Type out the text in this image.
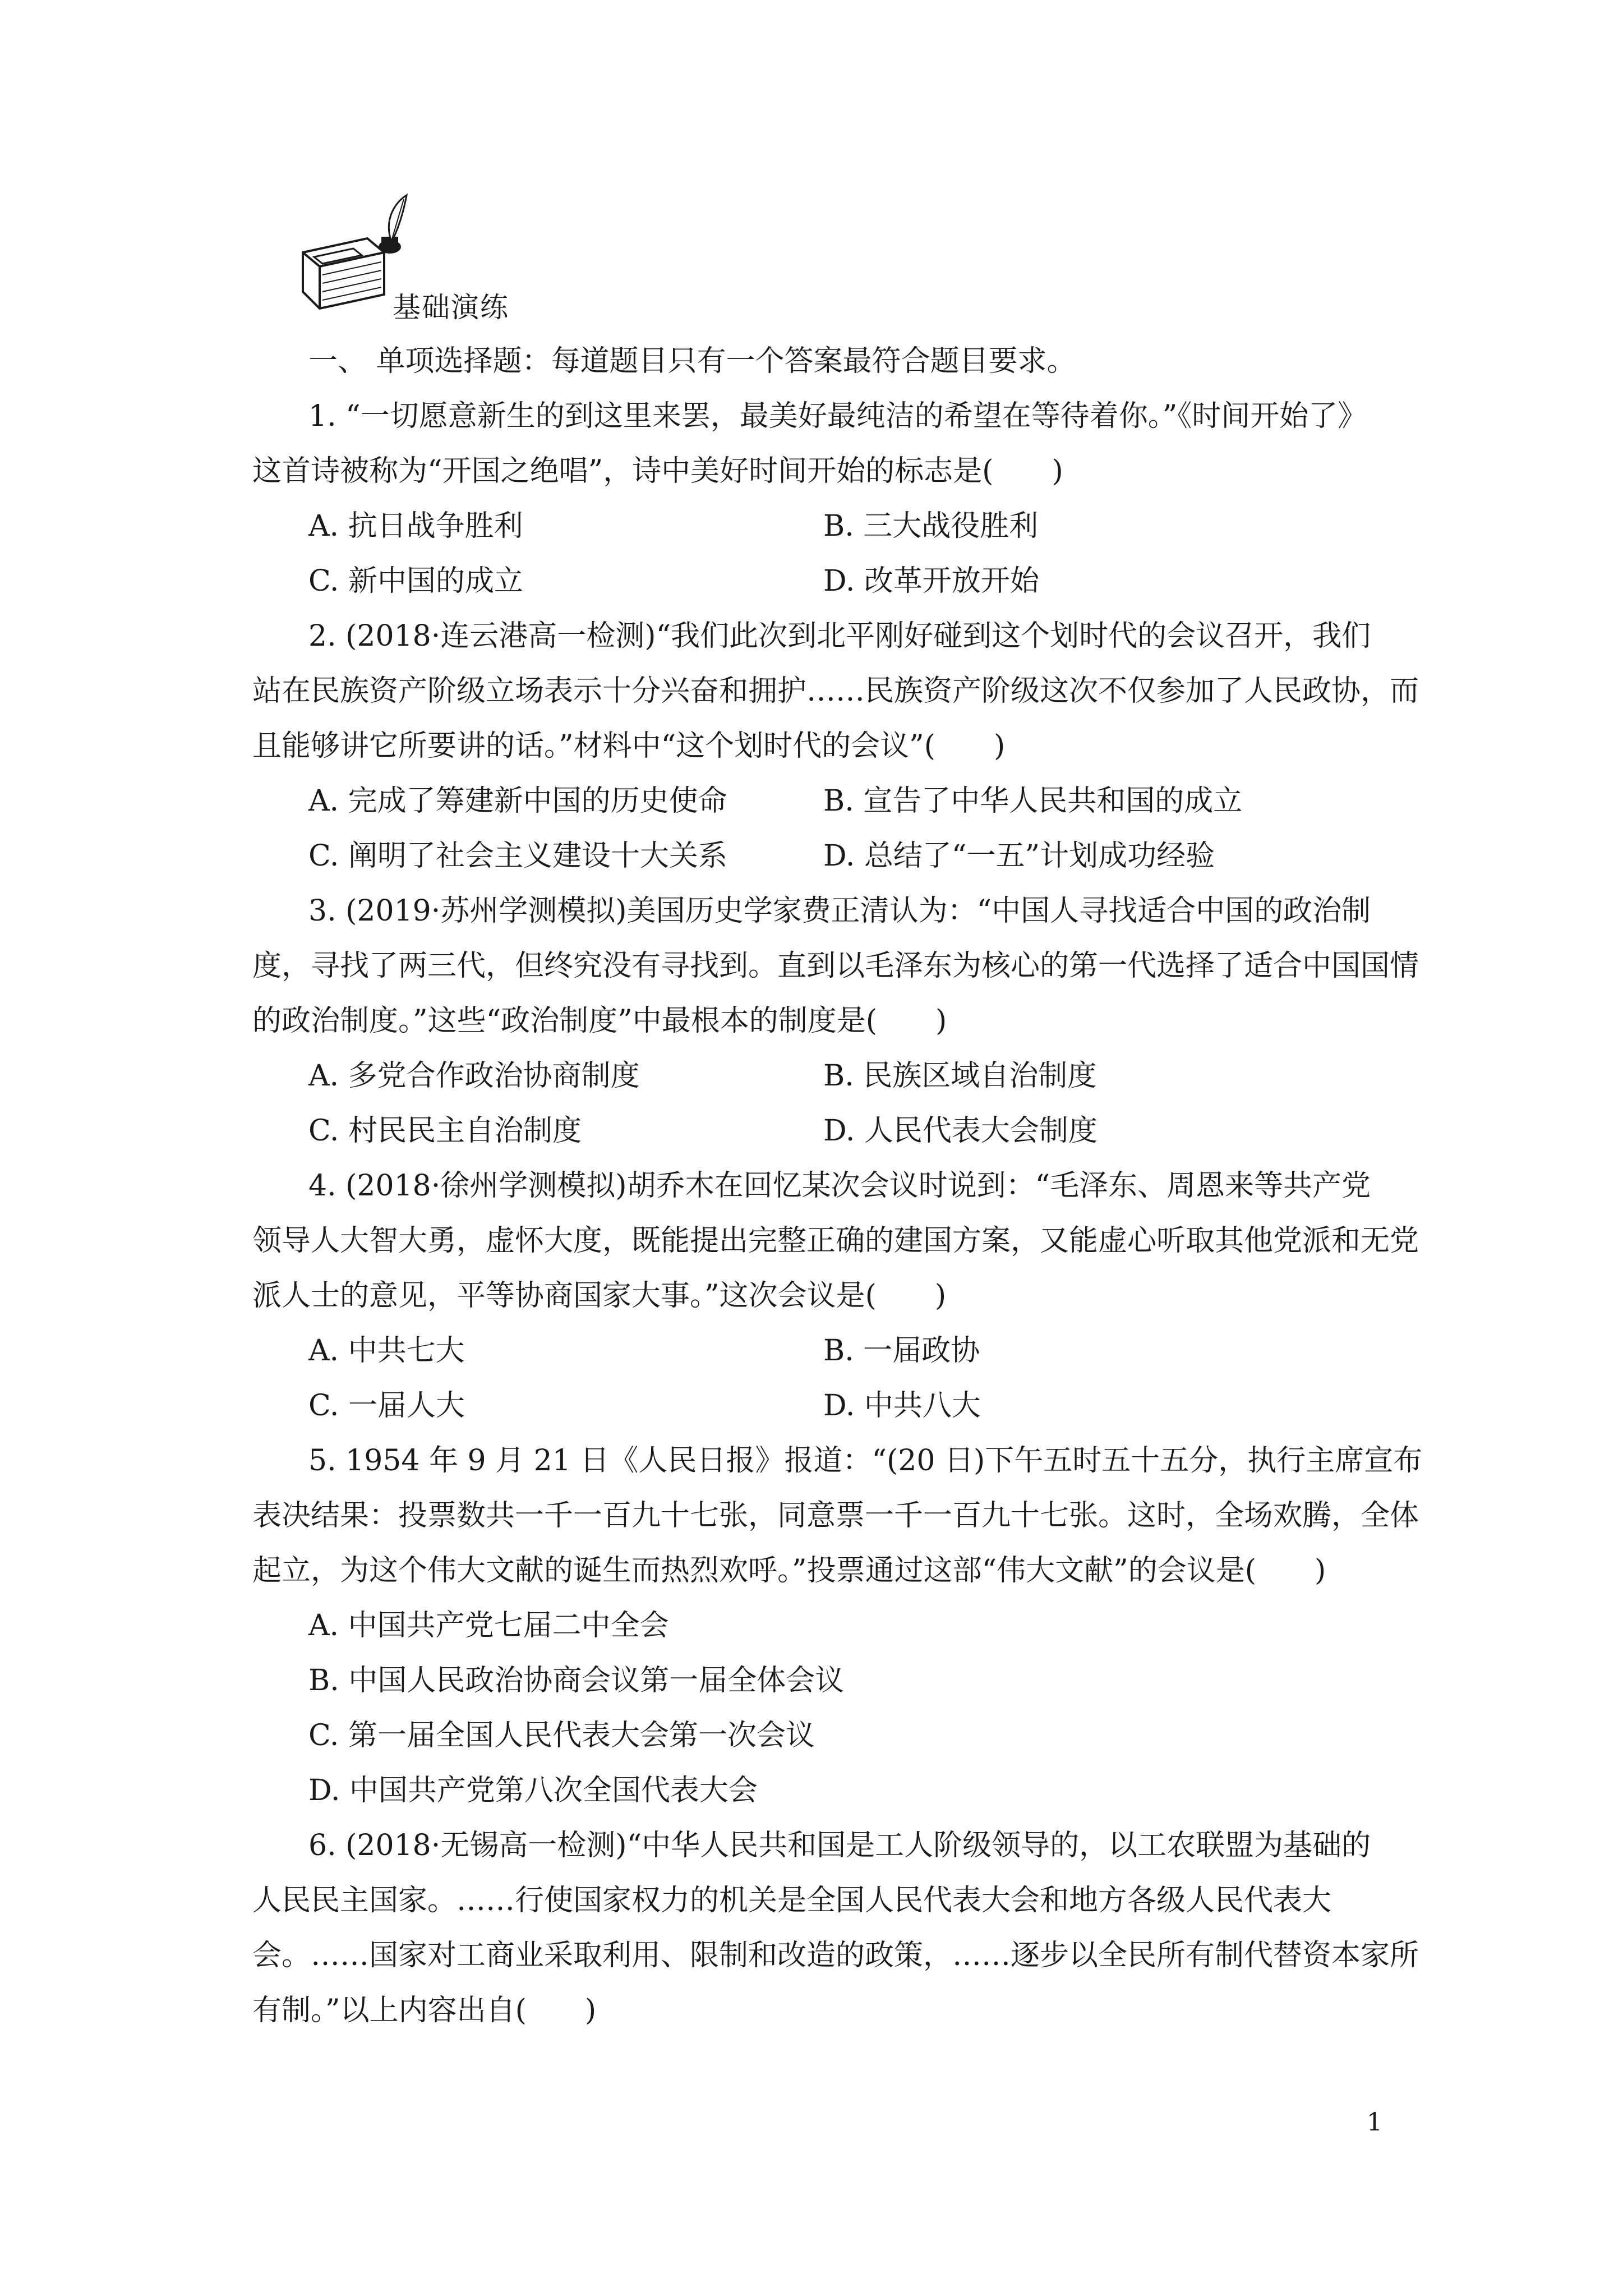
基础演练
一、 单项选择题：每道题目只有一个答案最符合题目要求。
1. “一切愿意新生的到这里来罢，最美好最纯洁的希望在等待着你。”《时间开始了》
这首诗被称为“开国之绝唱”，诗中美好时间开始的标志是(　　)
A. 抗日战争胜利	B. 三大战役胜利
C. 新中国的成立	D. 改革开放开始
2. (2018·连云港高一检测)“我们此次到北平刚好碰到这个划时代的会议召开，我们
站在民族资产阶级立场表示十分兴奋和拥护……民族资产阶级这次不仅参加了人民政协，而
且能够讲它所要讲的话。”材料中“这个划时代的会议”(　　)
A. 完成了筹建新中国的历史使命	B. 宣告了中华人民共和国的成立
C. 阐明了社会主义建设十大关系	D. 总结了“一五”计划成功经验
3. (2019·苏州学测模拟)美国历史学家费正清认为：“中国人寻找适合中国的政治制
度，寻找了两三代，但终究没有寻找到。直到以毛泽东为核心的第一代选择了适合中国国情
的政治制度。”这些“政治制度”中最根本的制度是(　　)
A. 多党合作政治协商制度	B. 民族区域自治制度
C. 村民民主自治制度	D. 人民代表大会制度
4. (2018·徐州学测模拟)胡乔木在回忆某次会议时说到：“毛泽东、周恩来等共产党
领导人大智大勇，虚怀大度，既能提出完整正确的建国方案，又能虚心听取其他党派和无党
派人士的意见，平等协商国家大事。”这次会议是(　　)
A. 中共七大	B. 一届政协
C. 一届人大	D. 中共八大
5. 1954 年 9 月 21 日《人民日报》报道：“(20 日)下午五时五十五分，执行主席宣布
表决结果：投票数共一千一百九十七张，同意票一千一百九十七张。这时，全场欢腾，全体
起立，为这个伟大文献的诞生而热烈欢呼。”投票通过这部“伟大文献”的会议是(　　)
A. 中国共产党七届二中全会
B. 中国人民政治协商会议第一届全体会议
C. 第一届全国人民代表大会第一次会议
D. 中国共产党第八次全国代表大会
6. (2018·无锡高一检测)“中华人民共和国是工人阶级领导的，以工农联盟为基础的
人民民主国家。……行使国家权力的机关是全国人民代表大会和地方各级人民代表大
会。……国家对工商业采取利用、限制和改造的政策，……逐步以全民所有制代替资本家所
有制。”以上内容出自(　　)
1
